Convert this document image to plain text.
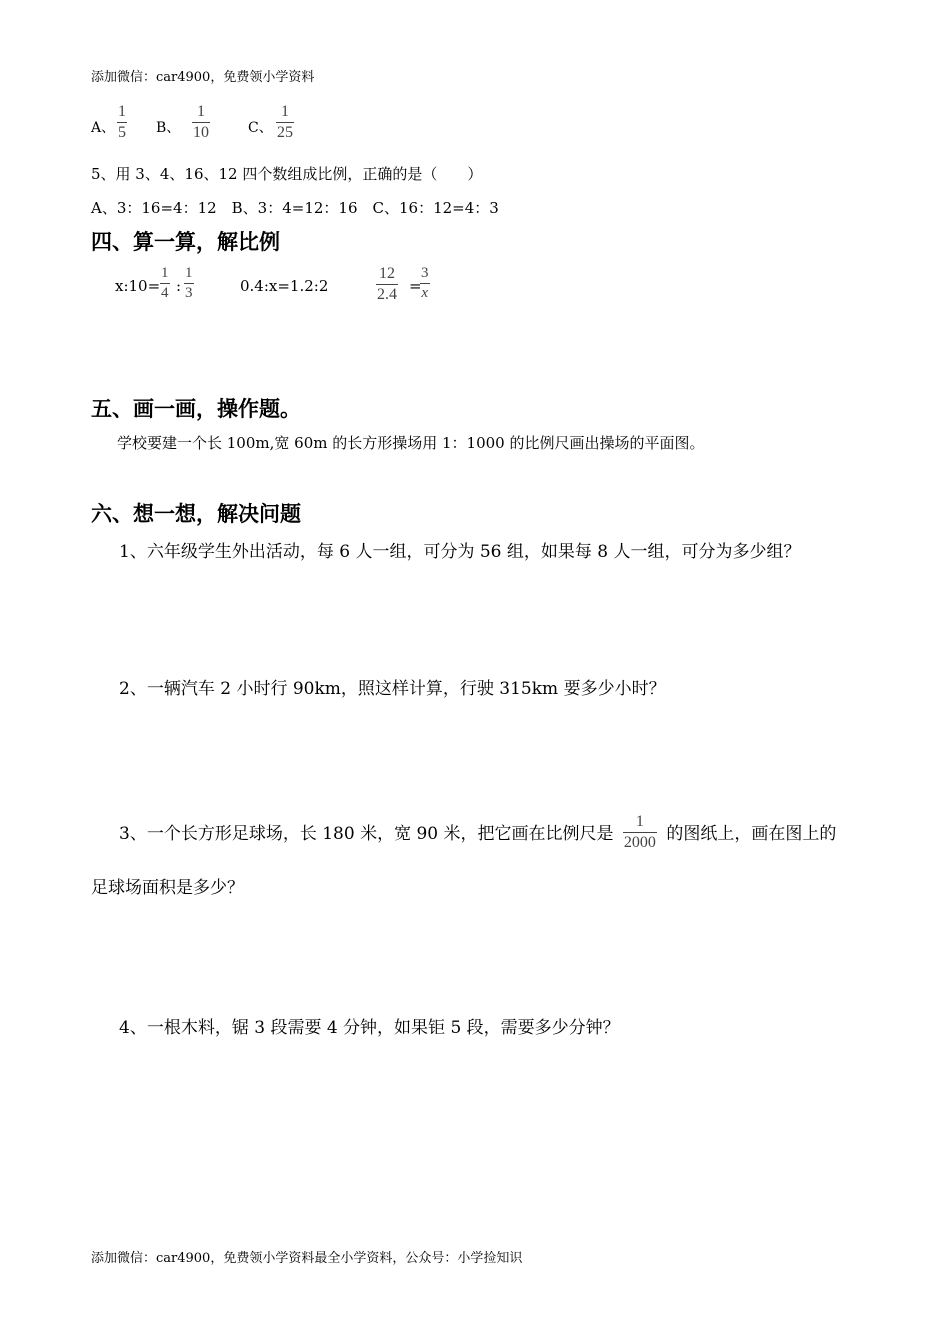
添加微信：car4900，免费领小学资料
A、
1
5 B、
1
10	C、
1
25
5、用 3、4、16、12 四个数组成比例，正确的是（　　）
A、3：16=4：12　B、3：4=12：16　C、16：12=4：3
四、算一算，解比例
x:10=
1
4 :
1
3	0.4:x=1.2:2
12
2.4 =
3
x
五、画一画，操作题。
学校要建一个长 100m,宽 60m 的长方形操场用 1：1000 的比例尺画出操场的平面图。
六、想一想，解决问题
1、六年级学生外出活动，每 6 人一组，可分为 56 组，如果每 8 人一组，可分为多少组？
2、一辆汽车 2 小时行 90km，照这样计算，行驶 315km 要多少小时？
3、一个长方形足球场，长 180 米，宽 90 米，把它画在比例尺是 $\frac{1}{2000}$ 的图纸上，画在图上的
足球场面积是多少？
4、一根木料，锯 3 段需要 4 分钟，如果钜 5 段，需要多少分钟？
添加微信：car4900，免费领小学资料最全小学资料，公众号：小学捡知识
